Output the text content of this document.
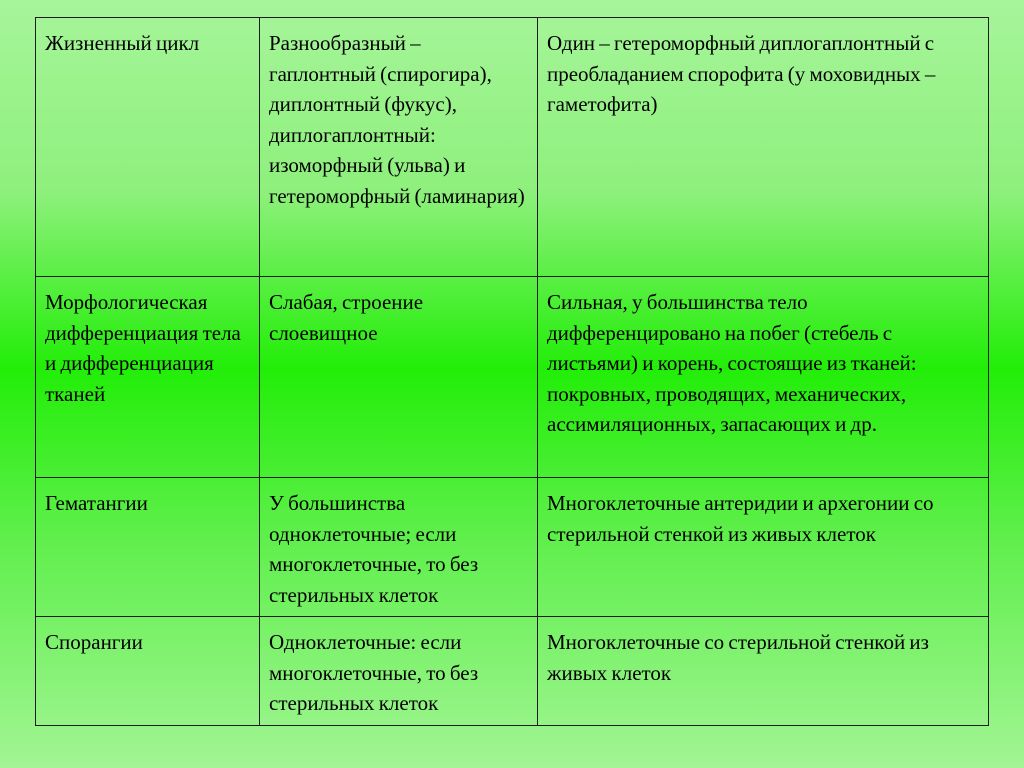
Жизненный цикл	Разнообразный – гаплонтный (спирогира), диплонтный (фукус), диплогаплонтный: изоморфный (ульва) и гетероморфный (ламинария)	Один – гетероморфный диплогаплонтный с преобладанием спорофита (у моховидных – гаметофита)
Морфологическая дифференциация тела и дифференциация тканей	Слабая, строение слоевищное	Сильная, у большинства тело дифференцировано на побег (стебель с листьями) и корень, состоящие из тканей: покровных, проводящих, механических, ассимиляционных, запасающих и др.
Гематангии	У большинства одноклеточные; если многоклеточные, то без стерильных клеток	Многоклеточные антеридии и архегонии со стерильной стенкой из живых клеток
Спорангии	Одноклеточные: если многоклеточные, то без стерильных клеток	Многоклеточные со стерильной стенкой из живых клеток
